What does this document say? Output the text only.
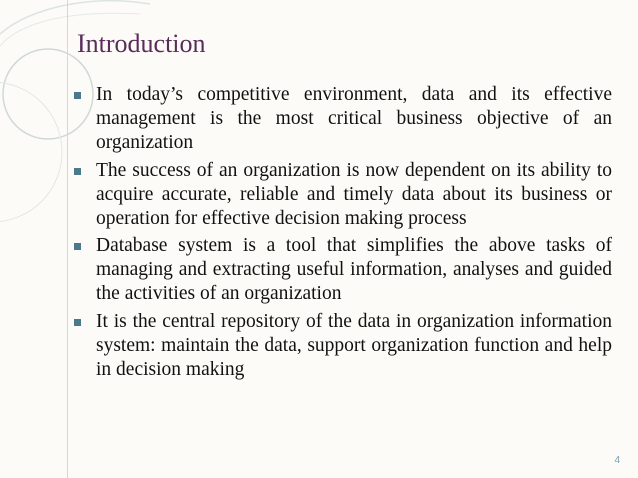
Introduction
In today’s competitive environment, data and its effective management is the most critical business objective of an organization
The success of an organization is now dependent on its ability to acquire accurate, reliable and timely data about its business or operation for effective decision making process
Database system is a tool that simplifies the above tasks of managing and extracting useful information, analyses and guided the activities of an organization
It is the central repository of the data in organization information system: maintain the data, support organization function and help in decision making
4
